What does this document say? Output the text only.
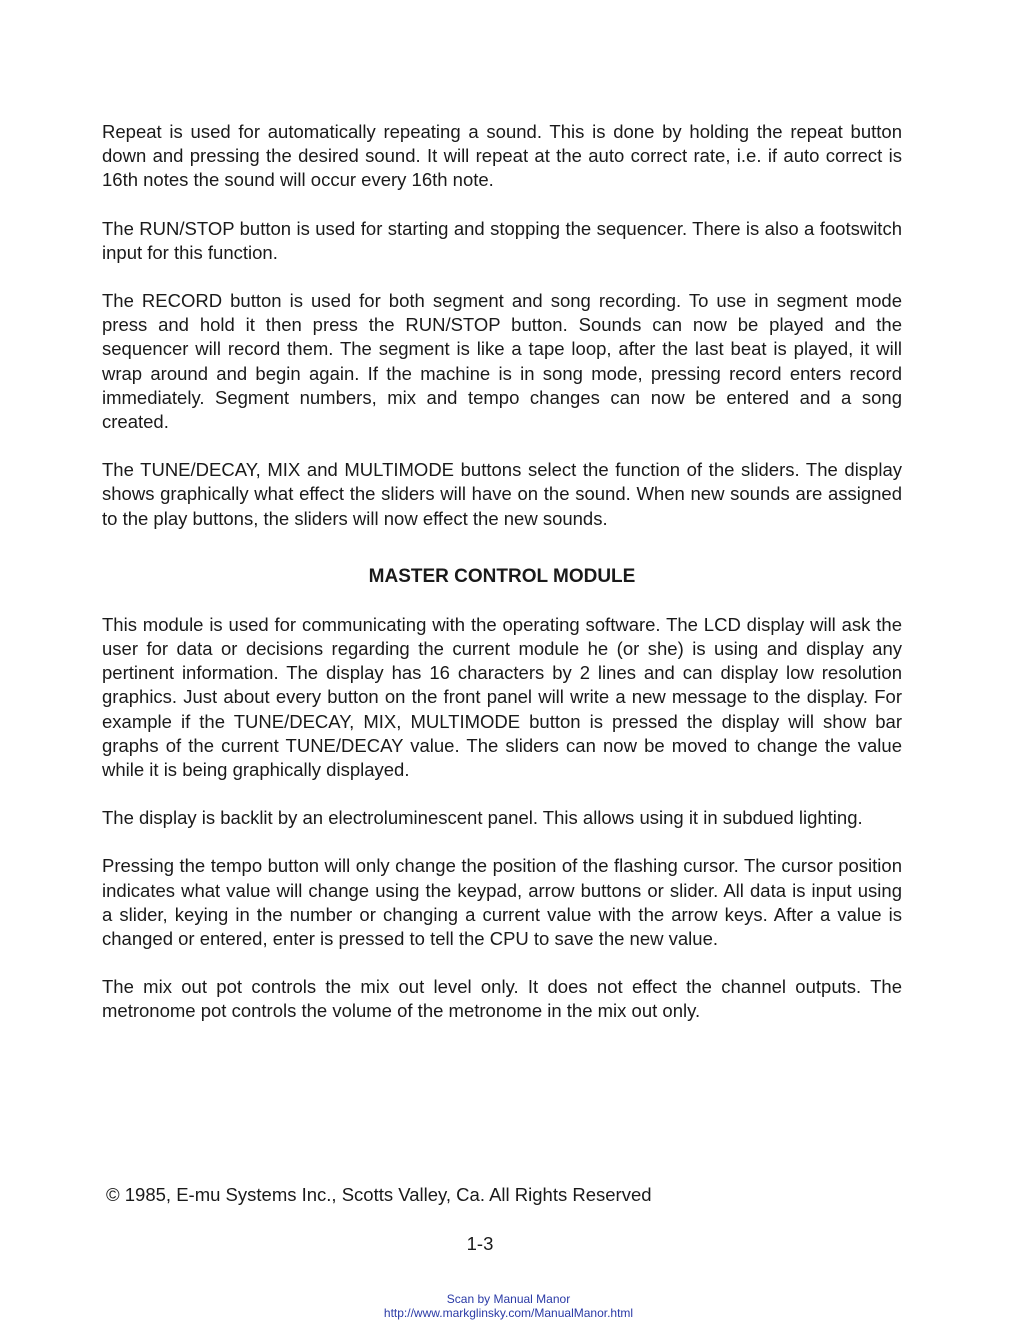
Repeat is used for automatically repeating a sound. This is done by holding the repeat button down and pressing the desired sound. It will repeat at the auto correct rate, i.e. if auto correct is 16th notes the sound will occur every 16th note.

The RUN/STOP button is used for starting and stopping the sequencer. There is also a footswitch input for this function.

The RECORD button is used for both segment and song recording. To use in segment mode press and hold it then press the RUN/STOP button. Sounds can now be played and the sequencer will record them. The segment is like a tape loop, after the last beat is played, it will wrap around and begin again. If the machine is in song mode, pressing record enters record immediately. Segment numbers, mix and tempo changes can now be entered and a song created.

The TUNE/DECAY, MIX and MULTIMODE buttons select the function of the sliders. The display shows graphically what effect the sliders will have on the sound. When new sounds are assigned to the play buttons, the sliders will now effect the new sounds.

MASTER CONTROL MODULE

This module is used for communicating with the operating software. The LCD display will ask the user for data or decisions regarding the current module he (or she) is using and display any pertinent information. The display has 16 characters by 2 lines and can display low resolution graphics. Just about every button on the front panel will write a new message to the display. For example if the TUNE/DECAY, MIX, MULTIMODE button is pressed the display will show bar graphs of the current TUNE/DECAY value. The sliders can now be moved to change the value while it is being graphically displayed.

The display is backlit by an electroluminescent panel. This allows using it in subdued lighting.

Pressing the tempo button will only change the position of the flashing cursor. The cursor position indicates what value will change using the keypad, arrow buttons or slider. All data is input using a slider, keying in the number or changing a current value with the arrow keys. After a value is changed or entered, enter is pressed to tell the CPU to save the new value.

The mix out pot controls the mix out level only. It does not effect the channel outputs. The metronome pot controls the volume of the metronome in the mix out only.

© 1985, E-mu Systems Inc., Scotts Valley, Ca. All Rights Reserved
1-3
Scan by Manual Manor
http://www.markglinsky.com/ManualManor.html
